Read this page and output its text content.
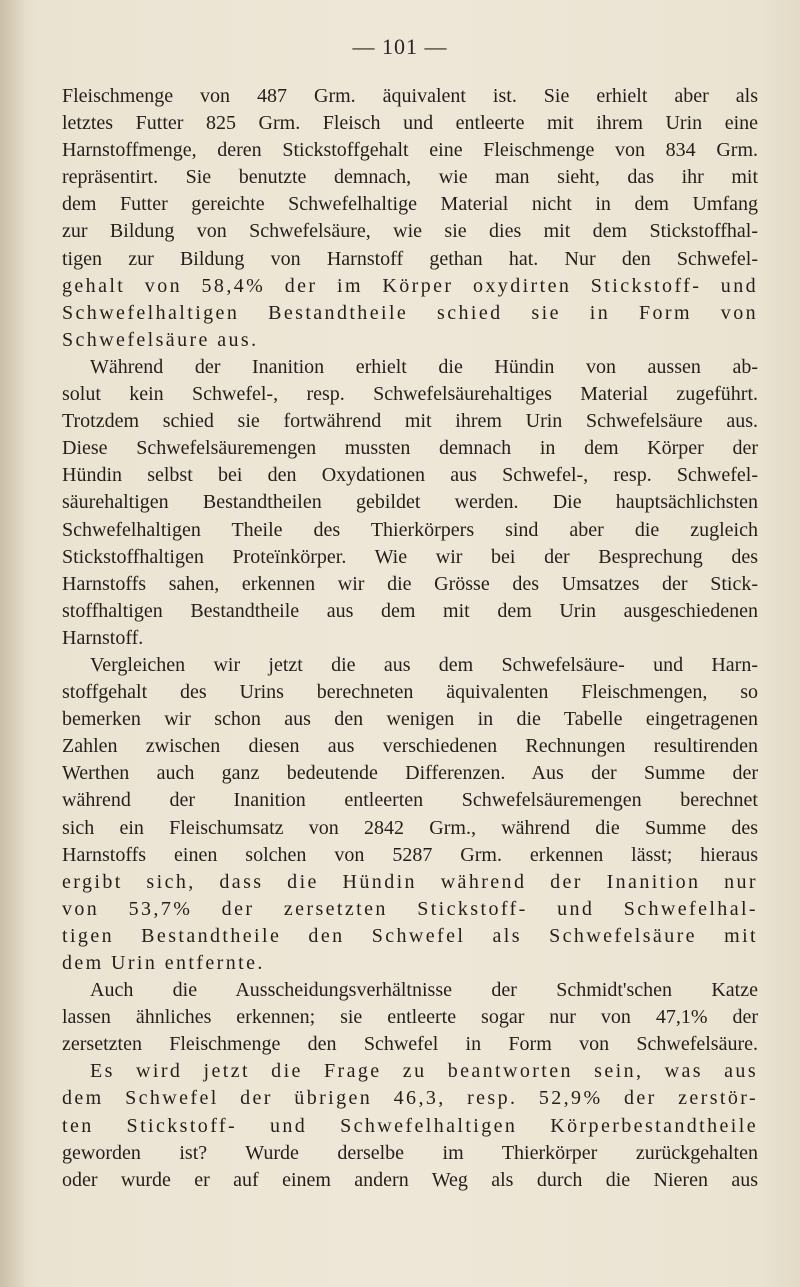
— 101 —
Fleischmenge von 487 Grm. äquivalent ist. Sie erhielt aber als
letztes Futter 825 Grm. Fleisch und entleerte mit ihrem Urin eine
Harnstoffmenge, deren Stickstoffgehalt eine Fleischmenge von 834 Grm.
repräsentirt. Sie benutzte demnach, wie man sieht, das ihr mit
dem Futter gereichte Schwefelhaltige Material nicht in dem Umfang
zur Bildung von Schwefelsäure, wie sie dies mit dem Stickstoffhal-
tigen zur Bildung von Harnstoff gethan hat. Nur den Schwefel-
gehalt von 58,4% der im Körper oxydirten Stickstoff- und
Schwefelhaltigen Bestandtheile schied sie in Form von
Schwefelsäure aus.
Während der Inanition erhielt die Hündin von aussen ab-
solut kein Schwefel-, resp. Schwefelsäurehaltiges Material zugeführt.
Trotzdem schied sie fortwährend mit ihrem Urin Schwefelsäure aus.
Diese Schwefelsäuremengen mussten demnach in dem Körper der
Hündin selbst bei den Oxydationen aus Schwefel-, resp. Schwefel-
säurehaltigen Bestandtheilen gebildet werden. Die hauptsächlichsten
Schwefelhaltigen Theile des Thierkörpers sind aber die zugleich
Stickstoffhaltigen Proteïnkörper. Wie wir bei der Besprechung des
Harnstoffs sahen, erkennen wir die Grösse des Umsatzes der Stick-
stoffhaltigen Bestandtheile aus dem mit dem Urin ausgeschiedenen
Harnstoff.
Vergleichen wir jetzt die aus dem Schwefelsäure- und Harn-
stoffgehalt des Urins berechneten äquivalenten Fleischmengen, so
bemerken wir schon aus den wenigen in die Tabelle eingetragenen
Zahlen zwischen diesen aus verschiedenen Rechnungen resultirenden
Werthen auch ganz bedeutende Differenzen. Aus der Summe der
während der Inanition entleerten Schwefelsäuremengen berechnet
sich ein Fleischumsatz von 2842 Grm., während die Summe des
Harnstoffs einen solchen von 5287 Grm. erkennen lässt; hieraus
ergibt sich, dass die Hündin während der Inanition nur
von 53,7% der zersetzten Stickstoff- und Schwefelhal-
tigen Bestandtheile den Schwefel als Schwefelsäure mit
dem Urin entfernte.
Auch die Ausscheidungsverhältnisse der Schmidt'schen Katze
lassen ähnliches erkennen; sie entleerte sogar nur von 47,1% der
zersetzten Fleischmenge den Schwefel in Form von Schwefelsäure.
Es wird jetzt die Frage zu beantworten sein, was aus
dem Schwefel der übrigen 46,3, resp. 52,9% der zerstör-
ten Stickstoff- und Schwefelhaltigen Körperbestandtheile
geworden ist? Wurde derselbe im Thierkörper zurückgehalten
oder wurde er auf einem andern Weg als durch die Nieren aus
